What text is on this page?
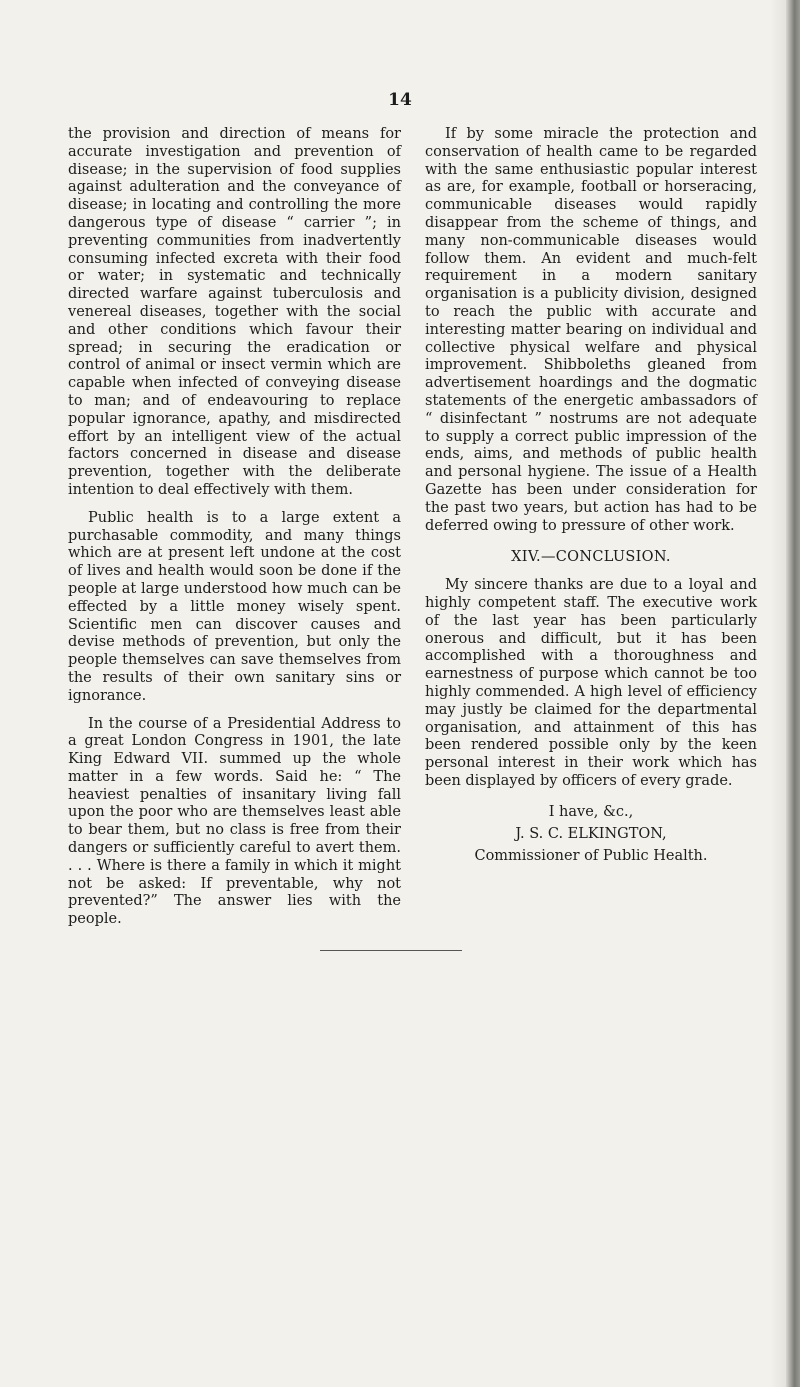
14

the provision and direction of means for accurate investigation and prevention of disease; in the supervision of food supplies against adulteration and the conveyance of disease; in locating and controlling the more dangerous type of disease “ carrier ”; in preventing communities from inadvertently consuming infected excreta with their food or water; in systematic and technically directed warfare against tuberculosis and venereal diseases, together with the social and other conditions which favour their spread; in securing the eradication or control of animal or insect vermin which are capable when infected of conveying disease to man; and of endeavouring to replace popular ignorance, apathy, and misdirected effort by an intelligent view of the actual factors concerned in disease and disease prevention, together with the deliberate intention to deal effectively with them.

Public health is to a large extent a purchasable commodity, and many things which are at present left undone at the cost of lives and health would soon be done if the people at large understood how much can be effected by a little money wisely spent. Scientific men can discover causes and devise methods of prevention, but only the people themselves can save themselves from the results of their own sanitary sins or ignorance.

In the course of a Presidential Address to a great London Congress in 1901, the late King Edward VII. summed up the whole matter in a few words. Said he: “ The heaviest penalties of insanitary living fall upon the poor who are themselves least able to bear them, but no class is free from their dangers or sufficiently careful to avert them. . . . Where is there a family in which it might not be asked: If preventable, why not prevented?” The answer lies with the people.

If by some miracle the protection and conservation of health came to be regarded with the same enthusiastic popular interest as are, for example, football or horseracing, communicable diseases would rapidly disappear from the scheme of things, and many non-communicable diseases would follow them. An evident and much-felt requirement in a modern sanitary organisation is a publicity division, designed to reach the public with accurate and interesting matter bearing on individual and collective physical welfare and physical improvement. Shibboleths gleaned from advertisement hoardings and the dogmatic statements of the energetic ambassadors of “ disinfectant ” nostrums are not adequate to supply a correct public impression of the ends, aims, and methods of public health and personal hygiene. The issue of a Health Gazette has been under consideration for the past two years, but action has had to be deferred owing to pressure of other work.

XIV.—CONCLUSION.

My sincere thanks are due to a loyal and highly competent staff. The executive work of the last year has been particularly onerous and difficult, but it has been accomplished with a thoroughness and earnestness of purpose which cannot be too highly commended. A high level of efficiency may justly be claimed for the departmental organisation, and attainment of this has been rendered possible only by the keen personal interest in their work which has been displayed by officers of every grade.

I have, &c.,
J. S. C. ELKINGTON,
Commissioner of Public Health.
